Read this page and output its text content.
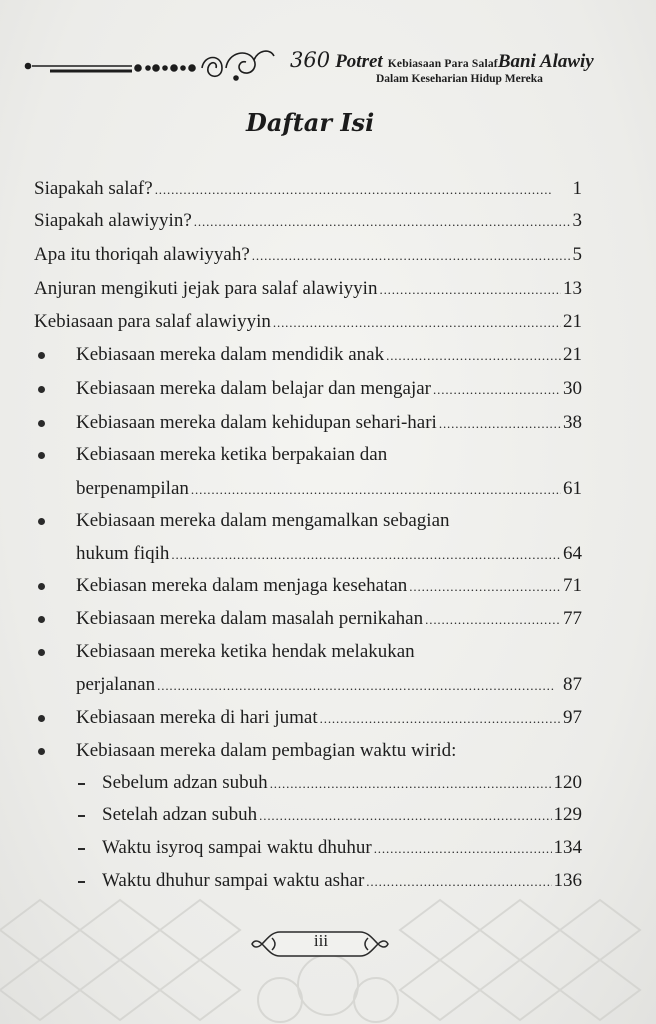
360 Potret Kebiasaan Para SalafBani Alawiy
Dalam Keseharian Hidup Mereka
Daftar Isi
Siapakah salaf? . . .	1
Siapakah alawiyyin? . . .	3
Apa itu thoriqah alawiyyah? . . .	5
Anjuran mengikuti jejak para salaf alawiyyin . . .	13
Kebiasaan para salaf alawiyyin . . .	21
Kebiasaan mereka dalam mendidik anak . . .	21
Kebiasaan mereka dalam belajar dan mengajar . . .	30
Kebiasaan mereka dalam kehidupan sehari-hari . . .	38
Kebiasaan mereka ketika berpakaian dan
berpenampilan . . .	61
Kebiasaan mereka dalam mengamalkan sebagian
hukum fiqih . . .	64
Kebiasan mereka dalam menjaga kesehatan . . .	71
Kebiasaan mereka dalam masalah pernikahan . . .	77
Kebiasaan mereka ketika hendak melakukan
perjalanan . . .	87
Kebiasaan mereka di hari jumat . . .	97
Kebiasaan mereka dalam pembagian waktu wirid:
Sebelum adzan subuh . . .	120
Setelah adzan subuh . . .	129
Waktu isyroq sampai waktu dhuhur . . .	134
Waktu dhuhur sampai waktu ashar . . .	136
iii
